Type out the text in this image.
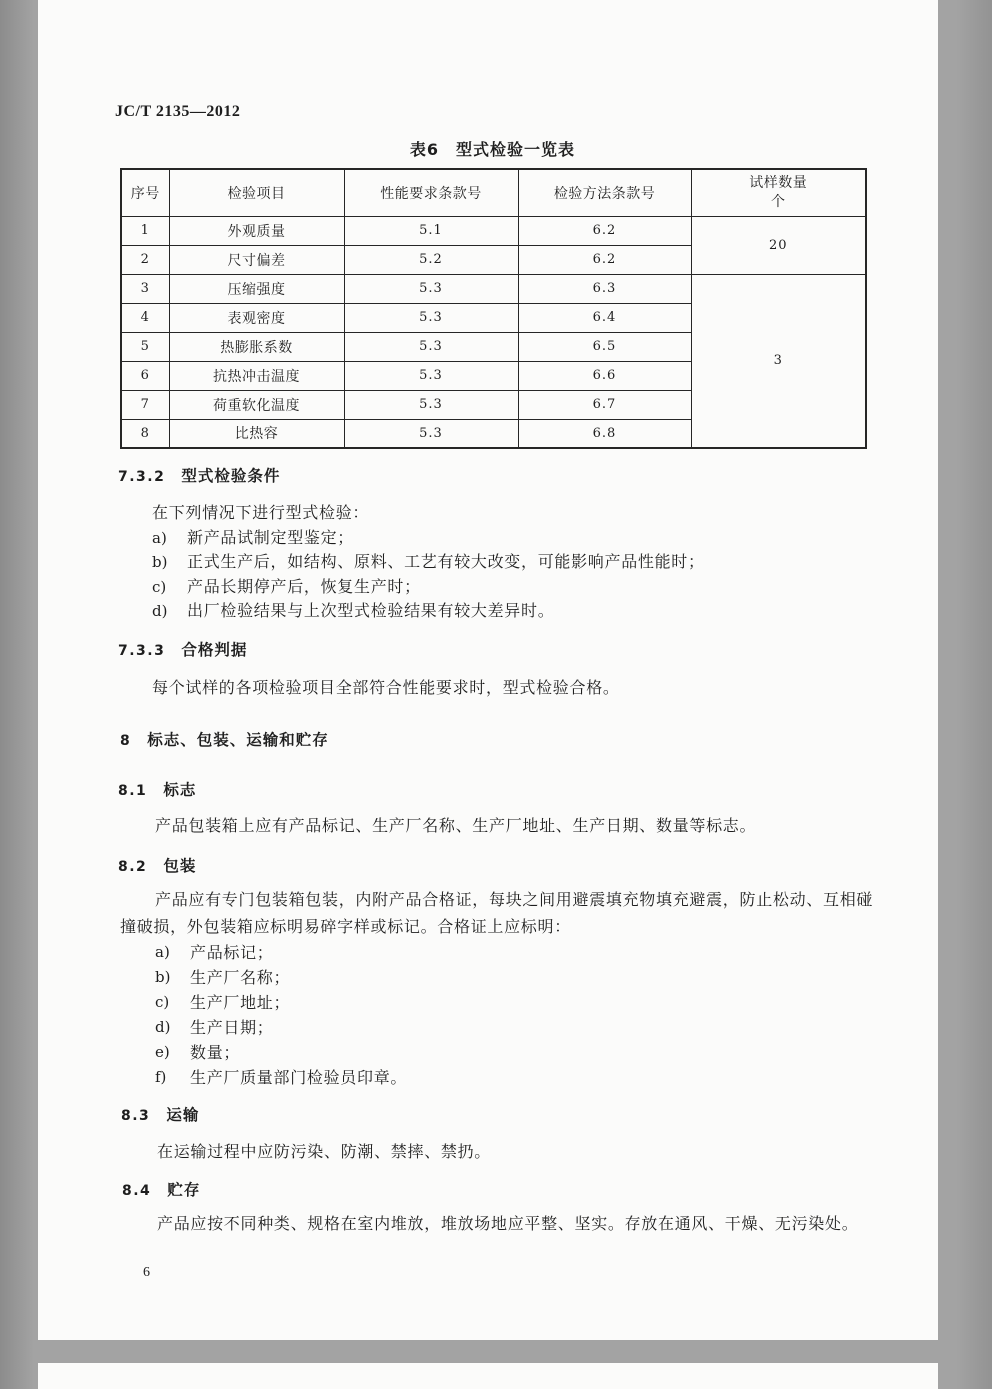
JC/T 2135—2012
表6　型式检验一览表
序号	检验项目	性能要求条款号	检验方法条款号	试样数量
个

1	外观质量	5.1	6.2	20
2	尺寸偏差	5.2	6.2	
3	压缩强度	5.3	6.3	3
4	表观密度	5.3	6.4	
5	热膨胀系数	5.3	6.5	
6	抗热冲击温度	5.3	6.6	
7	荷重软化温度	5.3	6.7	
8	比热容	5.3	6.8	
7.3.2 型式检验条件
在下列情况下进行型式检验：
a)	新产品试制定型鉴定；
b)	正式生产后，如结构、原料、工艺有较大改变，可能影响产品性能时；
c)	产品长期停产后，恢复生产时；
d)	出厂检验结果与上次型式检验结果有较大差异时。
7.3.3 合格判据
每个试样的各项检验项目全部符合性能要求时，型式检验合格。
8 标志、包装、运输和贮存
8.1 标志
产品包装箱上应有产品标记、生产厂名称、生产厂地址、生产日期、数量等标志。
8.2 包装
产品应有专门包装箱包装，内附产品合格证，每块之间用避震填充物填充避震，防止松动、互相碰撞破损，外包装箱应标明易碎字样或标记。合格证上应标明：
a)	产品标记；
b)	生产厂名称；
c)	生产厂地址；
d)	生产日期；
e)	数量；
f)	生产厂质量部门检验员印章。
8.3 运输
在运输过程中应防污染、防潮、禁摔、禁扔。
8.4 贮存
产品应按不同种类、规格在室内堆放，堆放场地应平整、坚实。存放在通风、干燥、无污染处。
6
